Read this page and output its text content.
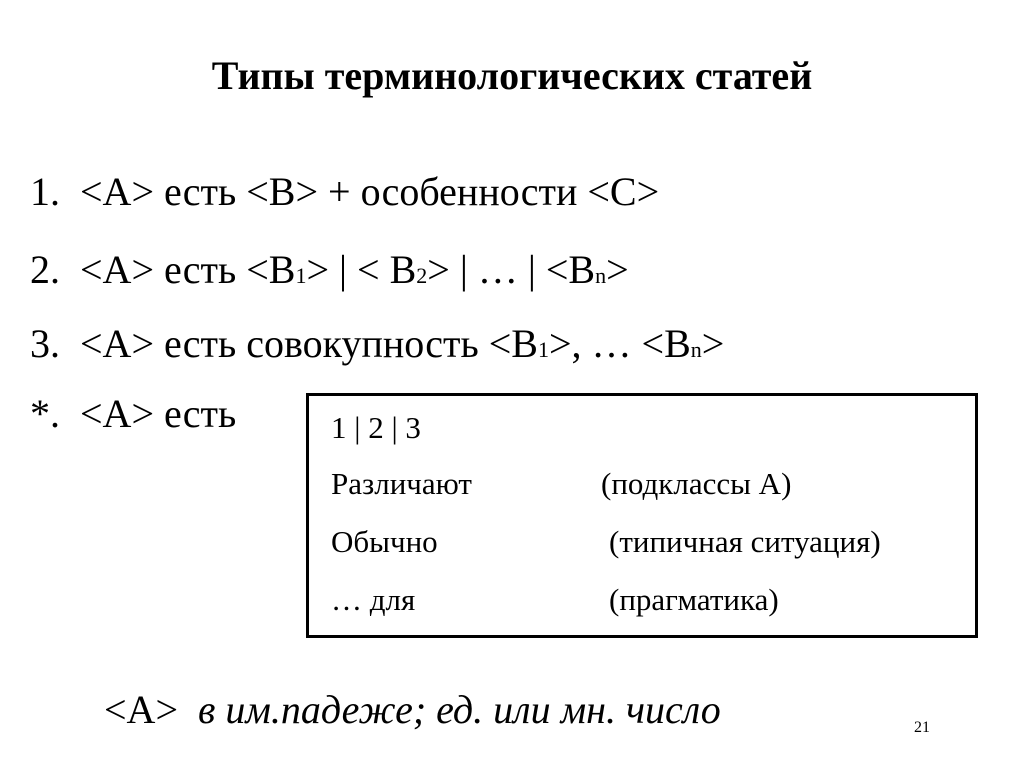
Типы терминологических статей
1. <A> есть <B> + особенности <C>
2. <A> есть <B1> | < B2> | … | <Bn>
3. <A> есть совокупность <B1>, … <Bn>
*. <A> есть	1 | 2 | 3
Различают	(подклассы A)
Обычно	(типичная ситуация)
… для	(прагматика)
<A> в им.падеже; ед. или мн. число	21
